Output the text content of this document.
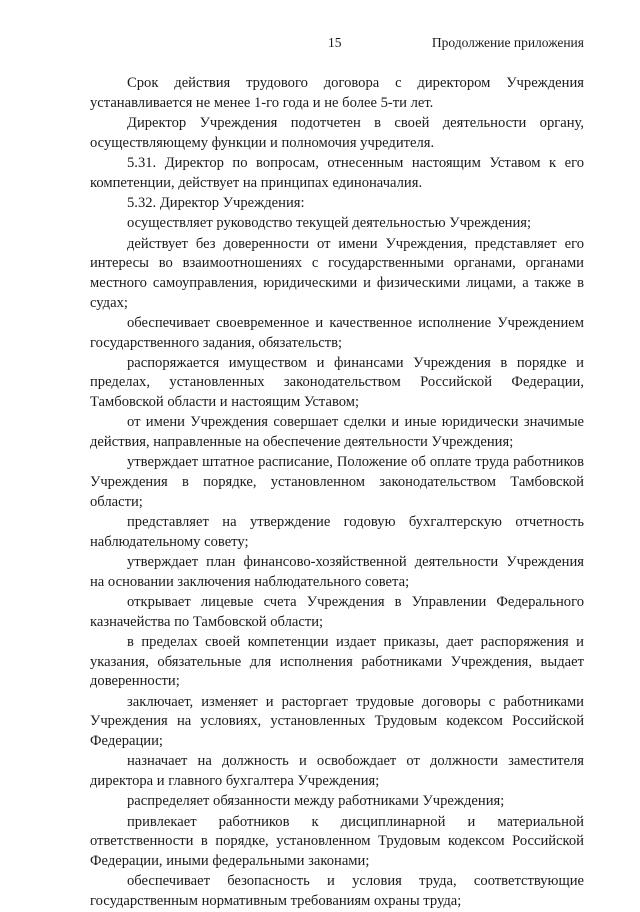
15	Продолжение приложения

Срок действия трудового договора с директором Учреждения устанавливается не менее 1-го года и не более 5-ти лет.

Директор Учреждения подотчетен в своей деятельности органу, осуществляющему функции и полномочия учредителя.

5.31. Директор по вопросам, отнесенным настоящим Уставом к его компетенции, действует на принципах единоначалия.

5.32. Директор Учреждения:

осуществляет руководство текущей деятельностью Учреждения;

действует без доверенности от имени Учреждения, представляет его интересы во взаимоотношениях с государственными органами, органами местного самоуправления, юридическими и физическими лицами, а также в судах;

обеспечивает своевременное и качественное исполнение Учреждением государственного задания, обязательств;

распоряжается имуществом и финансами Учреждения в порядке и пределах, установленных законодательством Российской Федерации, Тамбовской области и настоящим Уставом;

от имени Учреждения совершает сделки и иные юридически значимые действия, направленные на обеспечение деятельности Учреждения;

утверждает штатное расписание, Положение об оплате труда работников Учреждения в порядке, установленном законодательством Тамбовской области;

представляет на утверждение годовую бухгалтерскую отчетность наблюдательному совету;

утверждает план финансово-хозяйственной деятельности Учреждения на основании заключения наблюдательного совета;

открывает лицевые счета Учреждения в Управлении Федерального казначейства по Тамбовской области;

в пределах своей компетенции издает приказы, дает распоряжения и указания, обязательные для исполнения работниками Учреждения, выдает доверенности;

заключает, изменяет и расторгает трудовые договоры с работниками Учреждения на условиях, установленных Трудовым кодексом Российской Федерации;

назначает на должность и освобождает от должности заместителя директора и главного бухгалтера Учреждения;

распределяет обязанности между работниками Учреждения;

привлекает работников к дисциплинарной и материальной ответственности в порядке, установленном Трудовым кодексом Российской Федерации, иными федеральными законами;

обеспечивает безопасность и условия труда, соответствующие государственным нормативным требованиям охраны труда;
